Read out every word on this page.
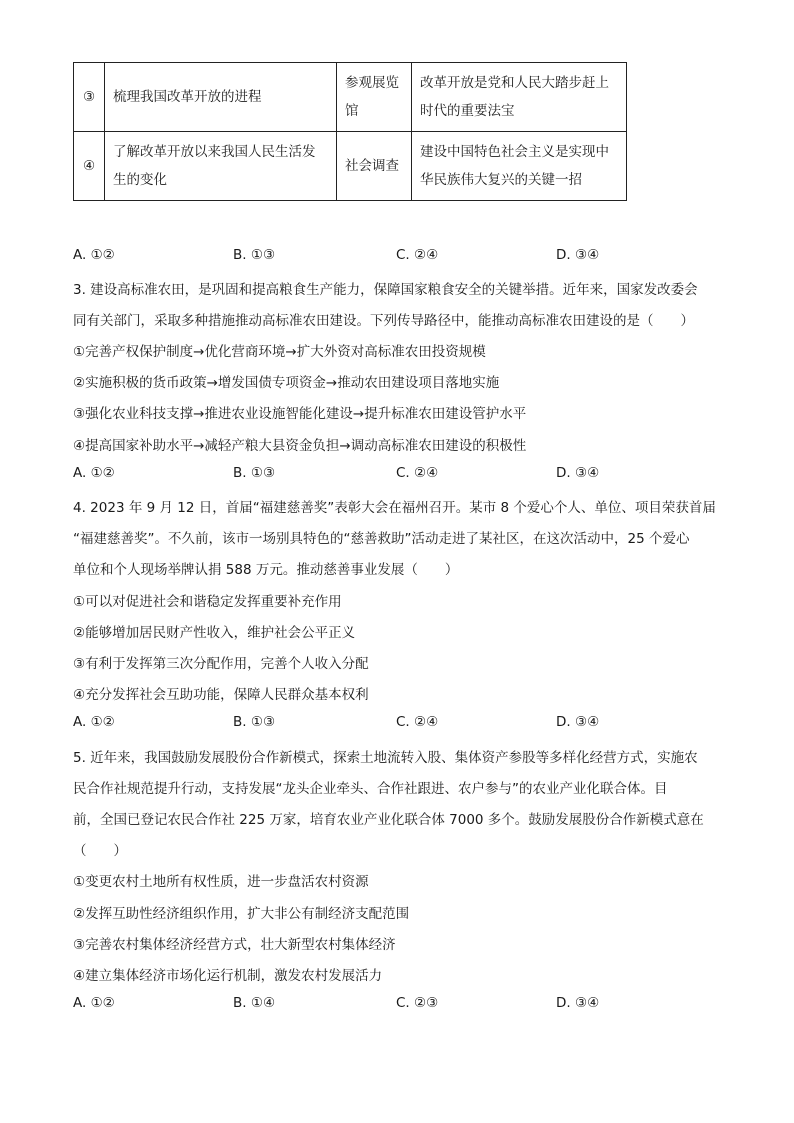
③	梳理我国改革开放的进程	参观展览馆	改革开放是党和人民大踏步赶上时代的重要法宝
④	了解改革开放以来我国人民生活发生的变化	社会调查	建设中国特色社会主义是实现中华民族伟大复兴的关键一招
A. ①②	B. ①③	C. ②④	D. ③④
3. 建设高标准农田，是巩固和提高粮食生产能力，保障国家粮食安全的关键举措。近年来，国家发改委会
同有关部门，采取多种措施推动高标准农田建设。下列传导路径中，能推动高标准农田建设的是（　　）
①完善产权保护制度→优化营商环境→扩大外资对高标准农田投资规模
②实施积极的货币政策→增发国债专项资金→推动农田建设项目落地实施
③强化农业科技支撑→推进农业设施智能化建设→提升标准农田建设管护水平
④提高国家补助水平→减轻产粮大县资金负担→调动高标准农田建设的积极性
A. ①②	B. ①③	C. ②④	D. ③④
4. 2023 年 9 月 12 日，首届“福建慈善奖”表彰大会在福州召开。某市 8 个爱心个人、单位、项目荣获首届
“福建慈善奖”。不久前，该市一场别具特色的“慈善救助”活动走进了某社区，在这次活动中，25 个爱心
单位和个人现场举牌认捐 588 万元。推动慈善事业发展（　　）
①可以对促进社会和谐稳定发挥重要补充作用
②能够增加居民财产性收入，维护社会公平正义
③有利于发挥第三次分配作用，完善个人收入分配
④充分发挥社会互助功能，保障人民群众基本权利
A. ①②	B. ①③	C. ②④	D. ③④
5. 近年来，我国鼓励发展股份合作新模式，探索土地流转入股、集体资产参股等多样化经营方式，实施农
民合作社规范提升行动，支持发展“龙头企业牵头、合作社跟进、农户参与”的农业产业化联合体。目
前，全国已登记农民合作社 225 万家，培育农业产业化联合体 7000 多个。鼓励发展股份合作新模式意在
（　　）
①变更农村土地所有权性质，进一步盘活农村资源
②发挥互助性经济组织作用，扩大非公有制经济支配范围
③完善农村集体经济经营方式，壮大新型农村集体经济
④建立集体经济市场化运行机制，激发农村发展活力
A. ①②	B. ①④	C. ②③	D. ③④
